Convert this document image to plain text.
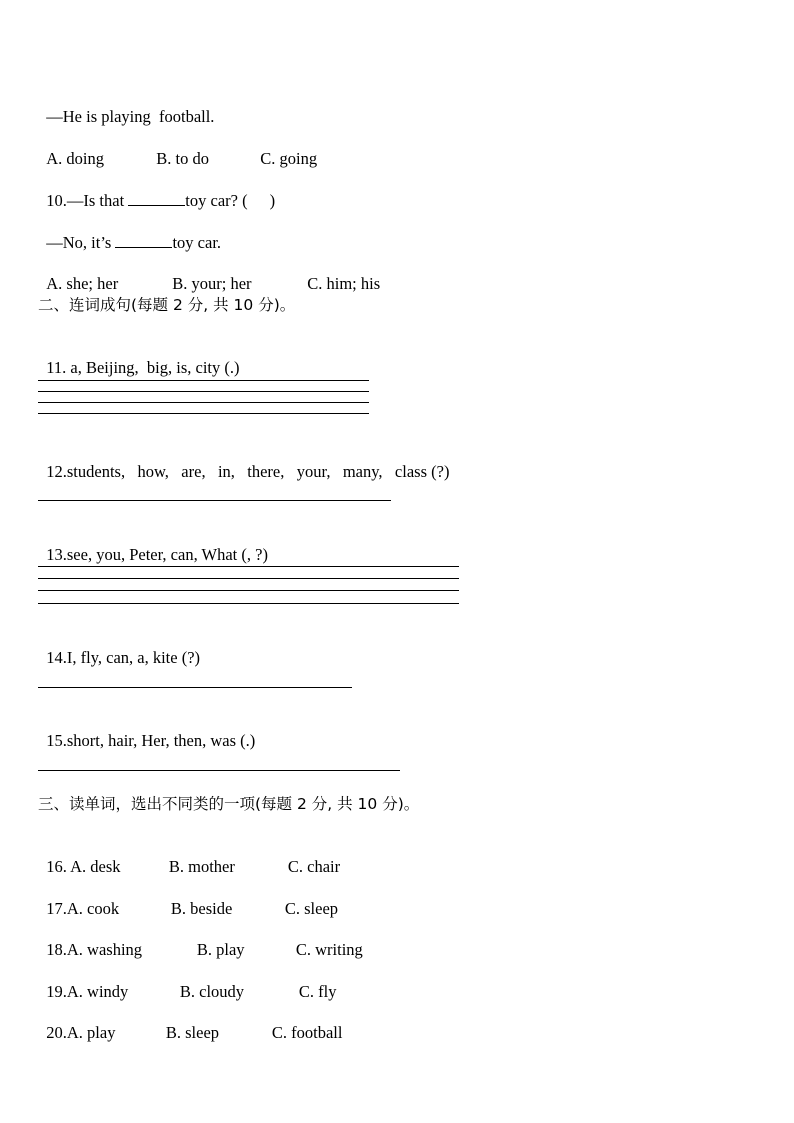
—He is playing  football.

A. doing	B. to do	C. going

10.—Is that	toy car? ( )

—No, it’s	toy car.

A. she; her	B. your; her	C. him; his

二、连词成句(每题 2 分, 共 10 分)。

11. a, Beijing,  big, is, city (.)

12.students,   how,   are,   in,   there,   your,   many,   class (?)

13.see, you, Peter, can, What (, ?)

14.I, fly, can, a, kite (?)

15.short, hair, Her, then, was (.)

三、读单词，选出不同类的一项(每题 2 分, 共 10 分)。

16. A. desk	B. mother	C. chair

17.A. cook	B. beside	C. sleep

18.A. washing	B. play	C. writing

19.A. windy	B. cloudy	C. fly

20.A. play	B. sleep	C. football
